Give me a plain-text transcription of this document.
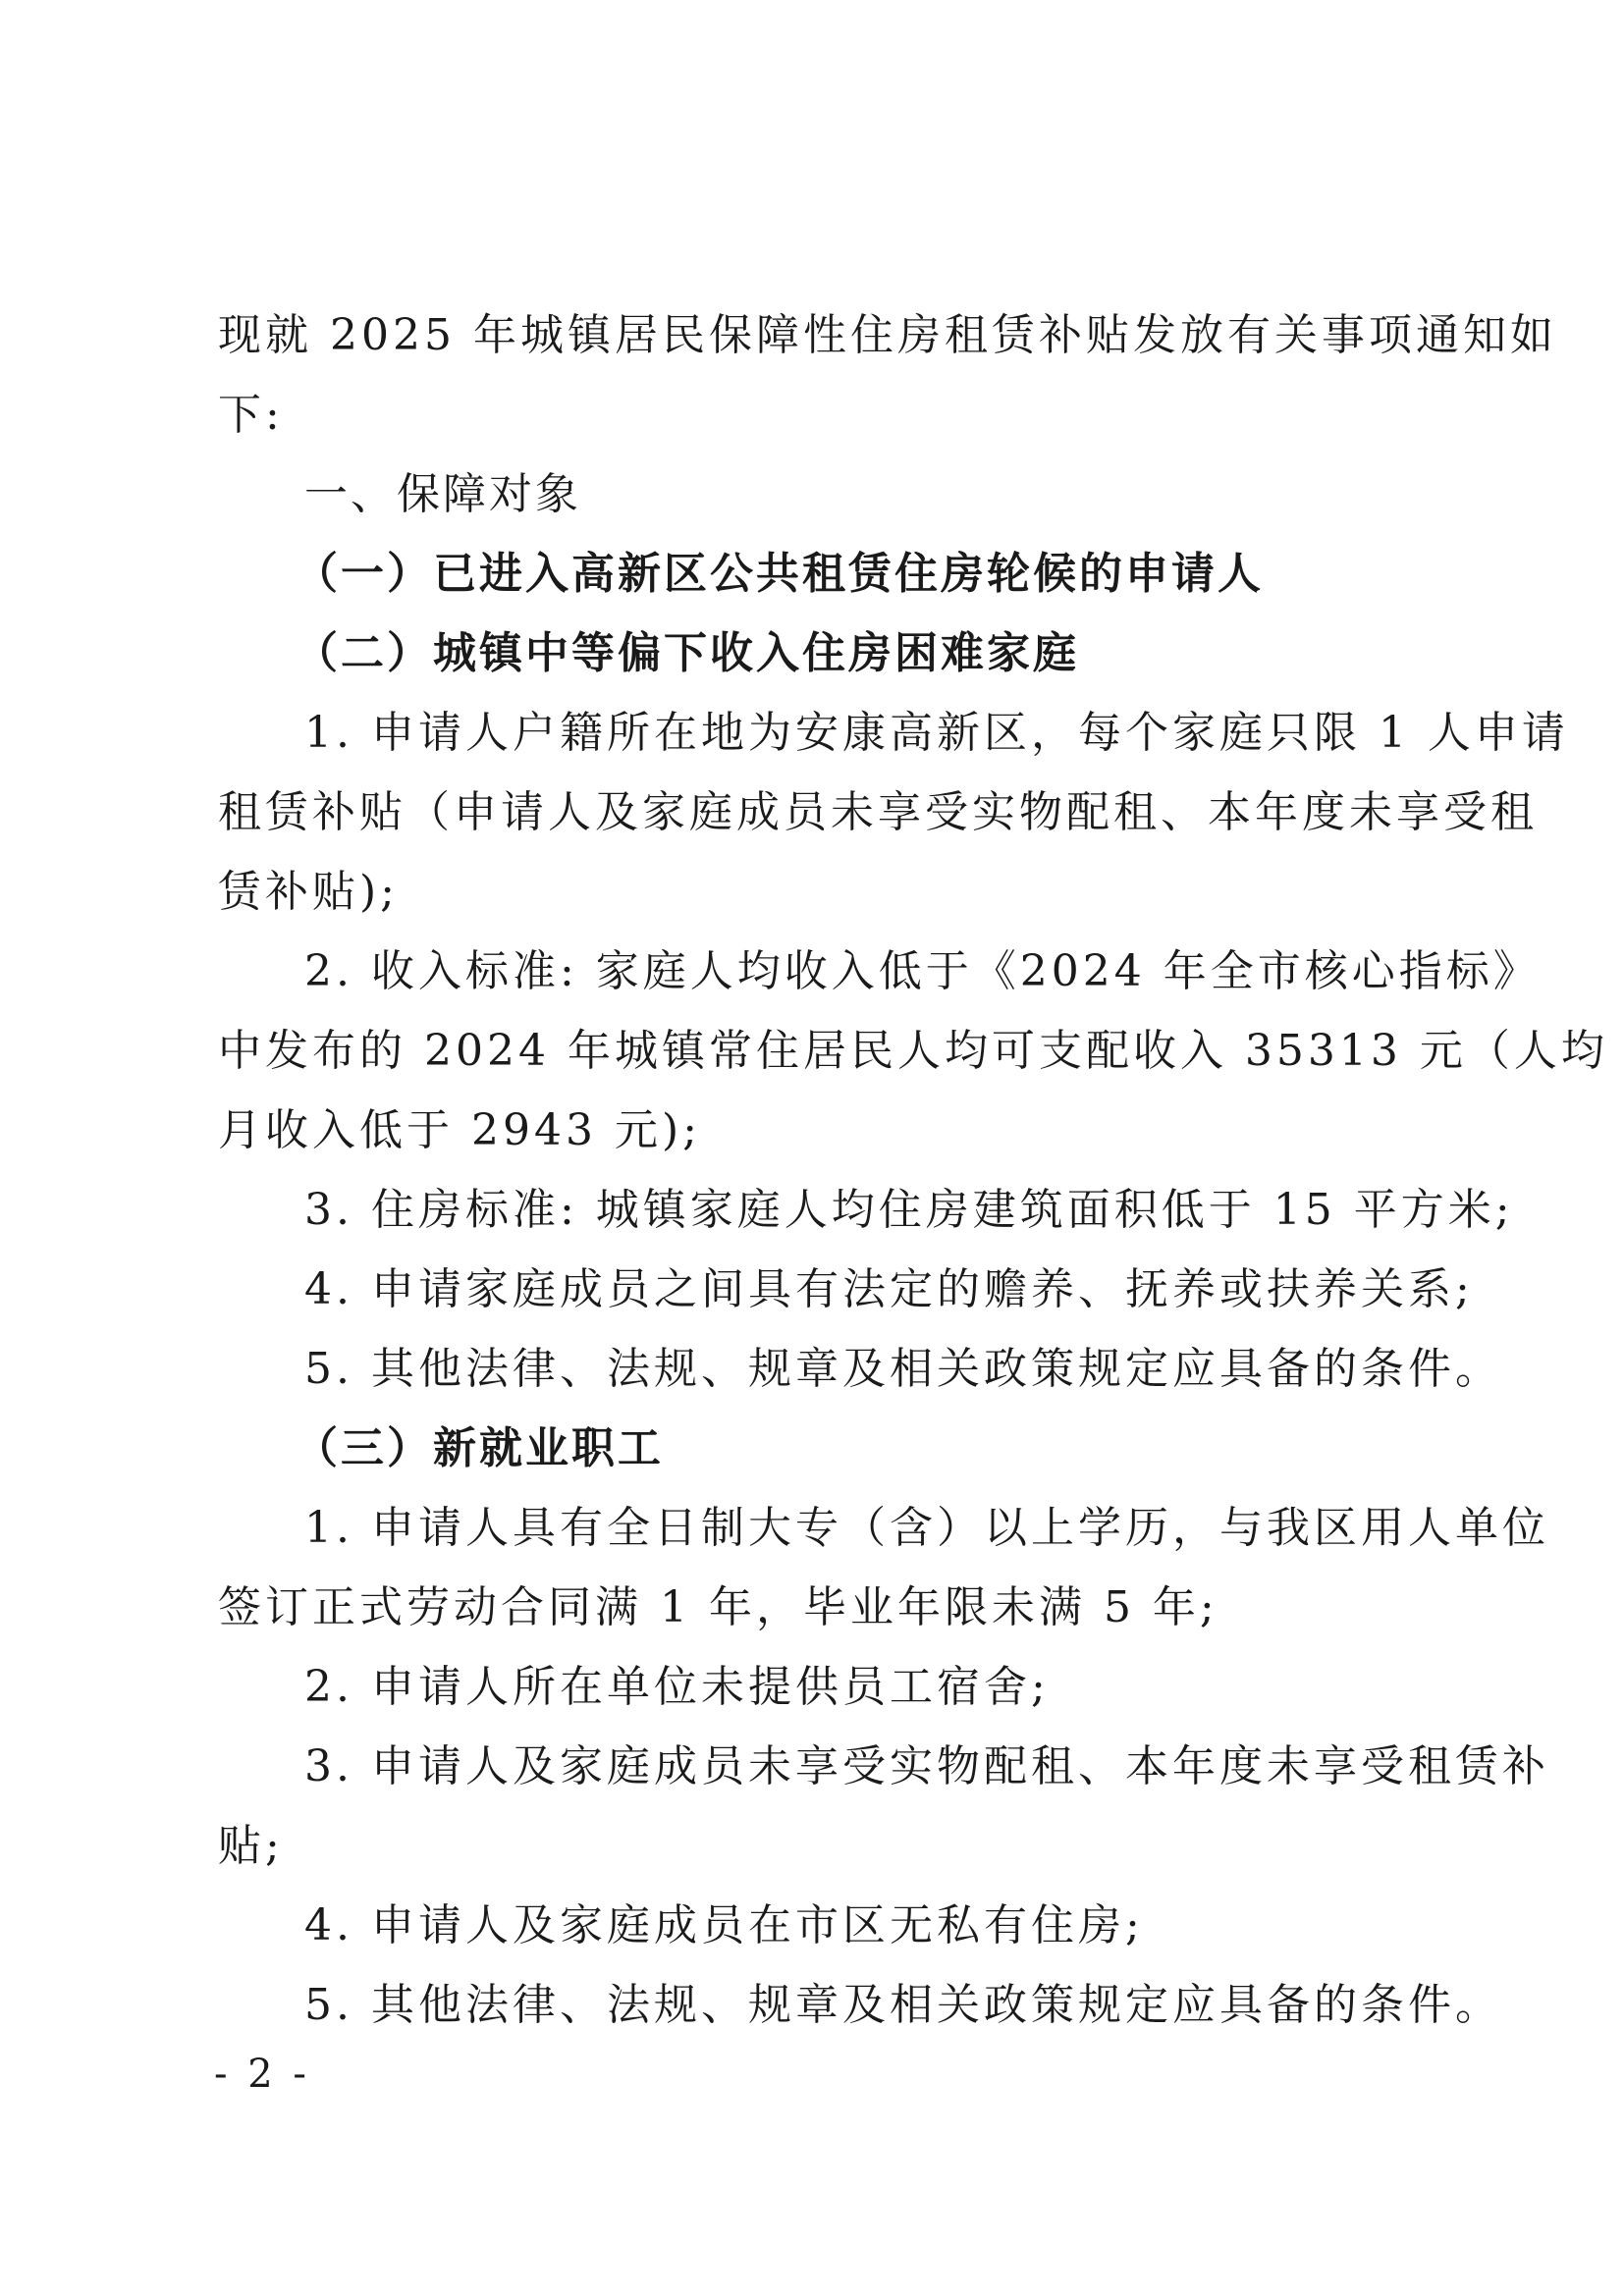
现就 2025 年城镇居民保障性住房租赁补贴发放有关事项通知如
下:
一、保障对象
（一）已进入高新区公共租赁住房轮候的申请人
（二）城镇中等偏下收入住房困难家庭
1. 申请人户籍所在地为安康高新区，每个家庭只限 1 人申请
租赁补贴（申请人及家庭成员未享受实物配租、本年度未享受租
赁补贴);
2. 收入标准: 家庭人均收入低于《2024 年全市核心指标》
中发布的 2024 年城镇常住居民人均可支配收入 35313 元（人均
月收入低于 2943 元);
3. 住房标准: 城镇家庭人均住房建筑面积低于 15 平方米;
4. 申请家庭成员之间具有法定的赡养、抚养或扶养关系;
5. 其他法律、法规、规章及相关政策规定应具备的条件。
（三）新就业职工
1. 申请人具有全日制大专（含）以上学历，与我区用人单位
签订正式劳动合同满 1 年，毕业年限未满 5 年;
2. 申请人所在单位未提供员工宿舍;
3. 申请人及家庭成员未享受实物配租、本年度未享受租赁补
贴;
4. 申请人及家庭成员在市区无私有住房;
5. 其他法律、法规、规章及相关政策规定应具备的条件。
- 2 -
